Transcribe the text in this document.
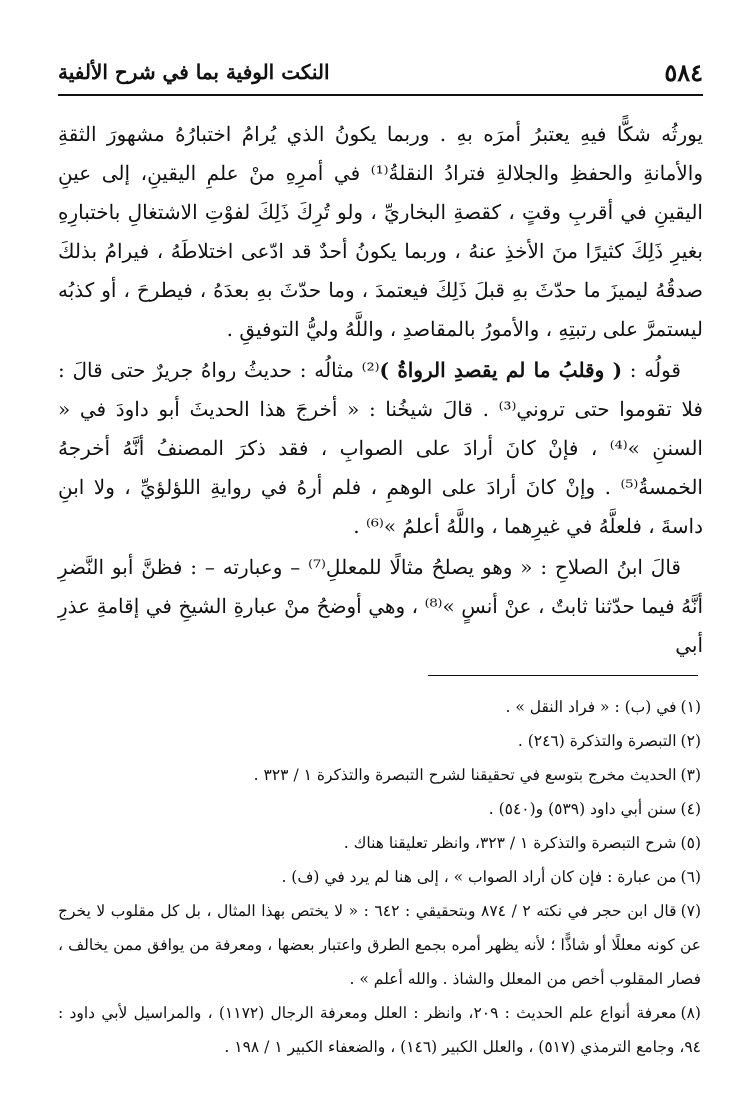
٥٨٤
النكت الوفية بما في شرح الألفية

يورثُه شكًّا فيهِ يعتبرُ أمرَه بهِ . وربما يكونُ الذي يُرامُ اختبارُهُ مشهورَ الثقةِ والأمانةِ والحفظِ والجلالةِ فترادُ النقلةُ⁽¹⁾ في أمرِهِ منْ علمِ اليقينِ، إلى عينِ اليقينِ في أقربِ وقتٍ ، كقصةِ البخاريِّ ، ولو تُرِكَ ذَلِكَ لفوْتِ الاشتغالِ باختبارِهِ بغيرِ ذَلِكَ كثيرًا منَ الأخذِ عنهُ ، وربما يكونُ أحدٌ قد ادّعى اختلاطَهُ ، فيرامُ بذلكَ صدقُهُ ليميزَ ما حدّثَ بهِ قبلَ ذَلِكَ فيعتمدَ ، وما حدّثَ بهِ بعدَهُ ، فيطرحَ ، أو كذبُه ليستمرَّ على رتبتِهِ ، والأمورُ بالمقاصدِ ، واللَّهُ وليُّ التوفيقِ .

قولُه : ( وقلبُ ما لم يقصدِ الرواةُ )⁽²⁾ مثالُه : حديثُ رواهُ جريرٌ حتى قالَ : فلا تقوموا حتى تروني⁽³⁾ . قالَ شيخُنا : « أخرجَ هذا الحديثَ أبو داودَ في « السننِ »⁽⁴⁾ ، فإنْ كانَ أرادَ على الصوابِ ، فقد ذكرَ المصنفُ أنَّهُ أخرجهُ الخمسةُ⁽⁵⁾ . وإنْ كانَ أرادَ على الوهمِ ، فلم أرهُ في روايةِ اللؤلؤيِّ ، ولا ابنِ داسةَ ، فلعلَّهُ في غيرِهما ، واللَّهُ أعلمُ »⁽⁶⁾ .

قالَ ابنُ الصلاحِ : « وهو يصلحُ مثالًا للمعللِ⁽⁷⁾ – وعبارته – : فظنَّ أبو النَّضرِ أنَّهُ فيما حدّثنا ثابتٌ ، عنْ أنسٍ »⁽⁸⁾ ، وهي أوضحُ منْ عبارةِ الشيخِ في إقامةِ عذرِ أبي

(١)في (ب) : « فراد النقل » .

(٢)التبصرة والتذكرة (٢٤٦) .

(٣)الحديث مخرج بتوسع في تحقيقنا لشرح التبصرة والتذكرة ١ / ٣٢٣ .

(٤)سنن أبي داود (٥٣٩) و(٥٤٠) .

(٥)شرح التبصرة والتذكرة ١ / ٣٢٣، وانظر تعليقنا هناك .

(٦)من عبارة : فإن كان أراد الصواب » ، إلى هنا لم يرد في (ف) .

(٧)قال ابن حجر في نكته ٢ / ٨٧٤ وبتحقيقي : ٦٤٢ : « لا يختص بهذا المثال ، بل كل مقلوب لا يخرج عن كونه معللًا أو شاذًّا ؛ لأنه يظهر أمره بجمع الطرق واعتبار بعضها ، ومعرفة من يوافق ممن يخالف ، فصار المقلوب أخص من المعلل والشاذ . والله أعلم » .

(٨)معرفة أنواع علم الحديث : ٢٠٩، وانظر : العلل ومعرفة الرجال (١١٧٢) ، والمراسيل لأبي داود : ٩٤، وجامع الترمذي (٥١٧) ، والعلل الكبير (١٤٦) ، والضعفاء الكبير ١ / ١٩٨ .
